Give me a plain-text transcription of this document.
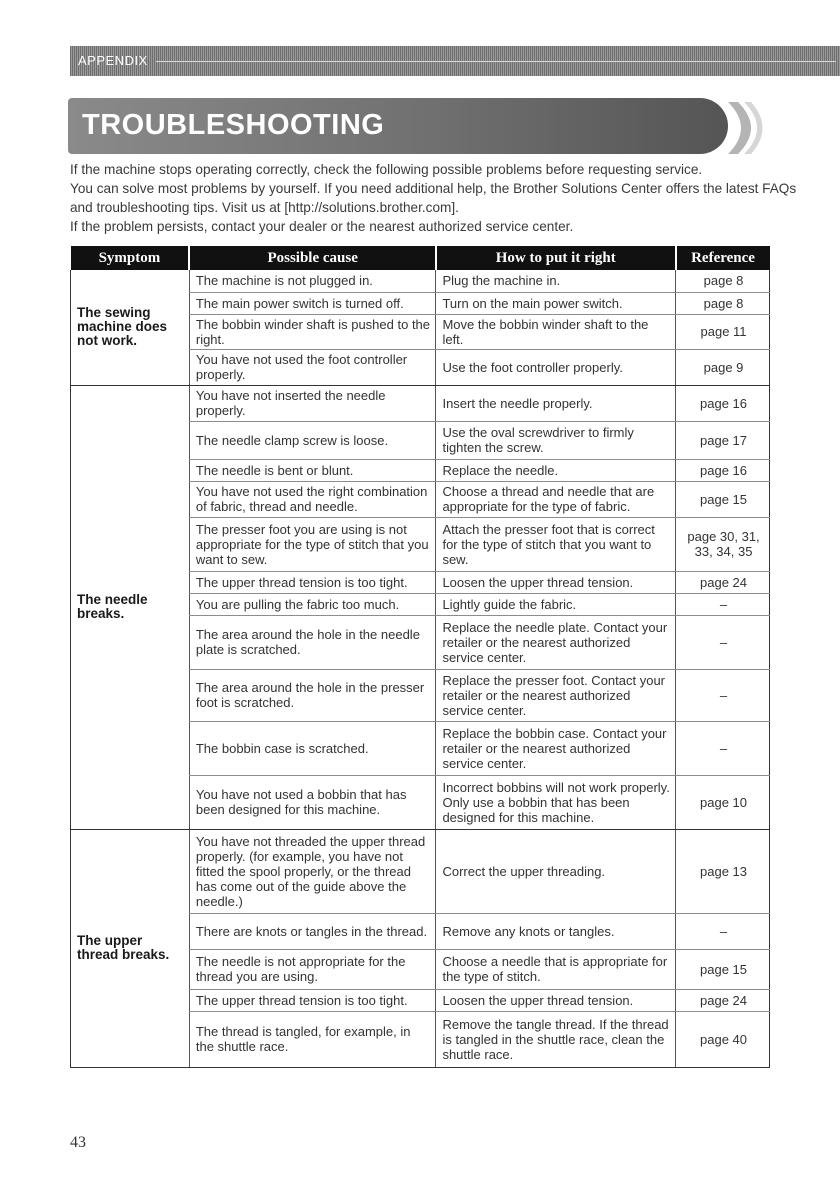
APPENDIX
TROUBLESHOOTING

If the machine stops operating correctly, check the following possible problems before requesting service.

You can solve most problems by yourself. If you need additional help, the Brother Solutions Center offers the latest FAQs and troubleshooting tips. Visit us at [http://solutions.brother.com].

If the problem persists, contact your dealer or the nearest authorized service center.

Symptom	Possible cause	How to put it right	Reference
The sewing machine does not work.	The machine is not plugged in.	Plug the machine in.	page 8
	The main power switch is turned off.	Turn on the main power switch.	page 8
	The bobbin winder shaft is pushed to the right.	Move the bobbin winder shaft to the left.	page 11
	You have not used the foot controller properly.	Use the foot controller properly.	page 9
The needle breaks.	You have not inserted the needle properly.	Insert the needle properly.	page 16
	The needle clamp screw is loose.	Use the oval screwdriver to firmly tighten the screw.	page 17
	The needle is bent or blunt.	Replace the needle.	page 16
	You have not used the right combination of fabric, thread and needle.	Choose a thread and needle that are appropriate for the type of fabric.	page 15
	The presser foot you are using is not appropriate for the type of stitch that you want to sew.	Attach the presser foot that is correct for the type of stitch that you want to sew.	page 30, 31, 33, 34, 35
	The upper thread tension is too tight.	Loosen the upper thread tension.	page 24
	You are pulling the fabric too much.	Lightly guide the fabric.	–
	The area around the hole in the needle plate is scratched.	Replace the needle plate. Contact your retailer or the nearest authorized service center.	–
	The area around the hole in the presser foot is scratched.	Replace the presser foot. Contact your retailer or the nearest authorized service center.	–
	The bobbin case is scratched.	Replace the bobbin case. Contact your retailer or the nearest authorized service center.	–
	You have not used a bobbin that has been designed for this machine.	Incorrect bobbins will not work properly. Only use a bobbin that has been designed for this machine.	page 10
The upper thread breaks.	You have not threaded the upper thread properly. (for example, you have not fitted the spool properly, or the thread has come out of the guide above the needle.)	Correct the upper threading.	page 13
	There are knots or tangles in the thread.	Remove any knots or tangles.	–
	The needle is not appropriate for the thread you are using.	Choose a needle that is appropriate for the type of stitch.	page 15
	The upper thread tension is too tight.	Loosen the upper thread tension.	page 24
	The thread is tangled, for example, in the shuttle race.	Remove the tangle thread. If the thread is tangled in the shuttle race, clean the shuttle race.	page 40
43
